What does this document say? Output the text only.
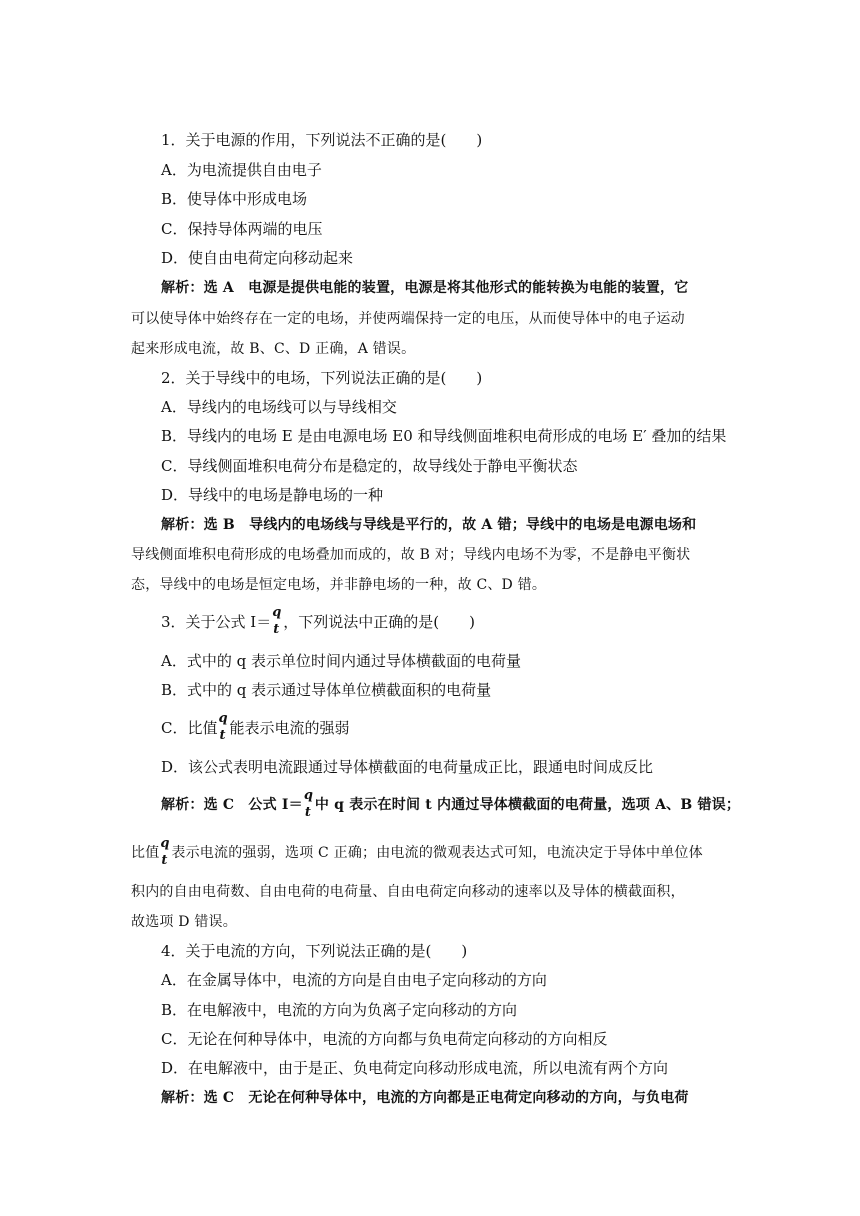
1．关于电源的作用，下列说法不正确的是(　　)
A．为电流提供自由电子
B．使导体中形成电场
C．保持导体两端的电压
D．使自由电荷定向移动起来
解析：选 A　电源是提供电能的装置，电源是将其他形式的能转换为电能的装置，它
可以使导体中始终存在一定的电场，并使两端保持一定的电压，从而使导体中的电子运动
起来形成电流，故 B、C、D 正确，A 错误。
2．关于导线中的电场，下列说法正确的是(　　)
A．导线内的电场线可以与导线相交
B．导线内的电场 E 是由电源电场 E0 和导线侧面堆积电荷形成的电场 E′ 叠加的结果
C．导线侧面堆积电荷分布是稳定的，故导线处于静电平衡状态
D．导线中的电场是静电场的一种
解析：选 B　导线内的电场线与导线是平行的，故 A 错；导线中的电场是电源电场和
导线侧面堆积电荷形成的电场叠加而成的，故 B 对；导线内电场不为零，不是静电平衡状
态，导线中的电场是恒定电场，并非静电场的一种，故 C、D 错。
3．关于公式 I＝
q
t ，下列说法中正确的是(　　)
A．式中的 q 表示单位时间内通过导体横截面的电荷量
B．式中的 q 表示通过导体单位横截面积的电荷量
C．比值
q
t 能表示电流的强弱
D．该公式表明电流跟通过导体横截面的电荷量成正比，跟通电时间成反比
解析：选 C　公式 I＝
q
t 中 q 表示在时间 t 内通过导体横截面的电荷量，选项 A、B 错误；
比值
q
t 表示电流的强弱，选项 C 正确；由电流的微观表达式可知，电流决定于导体中单位体
积内的自由电荷数、自由电荷的电荷量、自由电荷定向移动的速率以及导体的横截面积，
故选项 D 错误。
4．关于电流的方向，下列说法正确的是(　　)
A．在金属导体中，电流的方向是自由电子定向移动的方向
B．在电解液中，电流的方向为负离子定向移动的方向
C．无论在何种导体中，电流的方向都与负电荷定向移动的方向相反
D．在电解液中，由于是正、负电荷定向移动形成电流，所以电流有两个方向
解析：选 C　无论在何种导体中，电流的方向都是正电荷定向移动的方向，与负电荷
